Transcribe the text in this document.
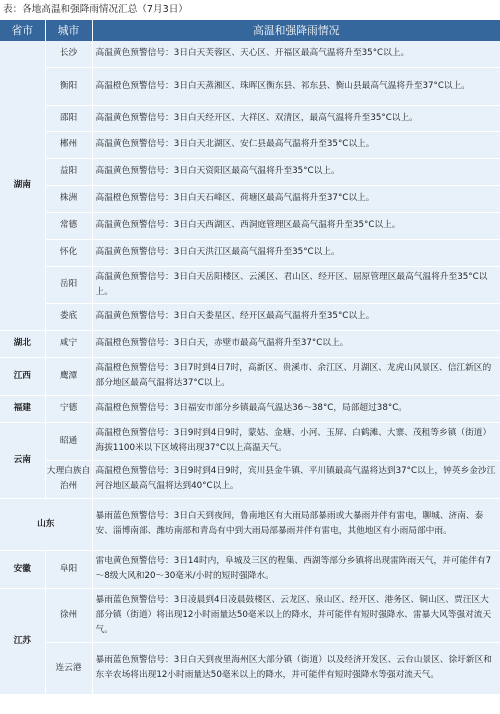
表：各地高温和强降雨情况汇总（7月3日）
省市	城市	高温和强降雨情况
湖南	长沙	高温黄色预警信号：3日白天芙蓉区、天心区、开福区最高气温将升至35°C以上。
	衡阳	高温橙色预警信号：3日白天蒸湘区、珠晖区衡东县、祁东县、衡山县最高气温将升至37°C以上。
	邵阳	高温黄色预警信号：3日白天经开区、大祥区、双清区，最高气温将升至35°C以上。
	郴州	高温黄色预警信号：3日白天北湖区、安仁县最高气温将升至35°C以上。
	益阳	高温黄色预警信号：3日白天资阳区最高气温将升至35°C以上。
	株洲	高温橙色预警信号：3日白天石峰区、荷塘区最高气温将升至37°C以上。
	常德	高温黄色预警信号：3日白天西湖区、西洞庭管理区最高气温将升至35°C以上。
	怀化	高温黄色预警信号：3日白天洪江区最高气温将升至35°C以上。
	岳阳	高温黄色预警信号：3日白天岳阳楼区、云溪区、君山区、经开区、屈原管理区最高气温将升至35°C以上。
	娄底	高温黄色预警信号：3日白天娄星区、经开区最高气温将升至35°C以上。
湖北	咸宁	高温橙色预警信号：3日白天，赤壁市最高气温将升至37°C以上。
江西	鹰潭	高温橙色预警信号：3日7时到4日7时，高新区、贵溪市、余江区、月湖区、龙虎山风景区、信江新区的部分地区最高气温将达37°C以上。
福建	宁德	高温橙色预警信号：3日福安市部分乡镇最高气温达36～38°C，局部超过38°C。
云南	昭通	高温橙色预警信号：3日9时到4日9时，蒙姑、金塘、小河、玉屏、白鹤滩、大寨、茂租等乡镇（街道）海拔1100米以下区域将出现37°C以上高温天气。
	大理白族自治州	高温橙色预警信号：3日9时到4日9时，宾川县金牛镇、平川镇最高气温将达到37°C以上，钟英乡金沙江河谷地区最高气温将达到40°C以上。
山东		暴雨蓝色预警信号：3日白天到夜间，鲁南地区有大雨局部暴雨或大暴雨并伴有雷电，聊城、济南、泰安、淄博南部、潍坊南部和青岛有中到大雨局部暴雨并伴有雷电，其他地区有小雨局部中雨。
安徽	阜阳	雷电黄色预警信号：3日14时内，阜城及三区的程集、西湖等部分乡镇将出现雷阵雨天气，并可能伴有7～8级大风和20～30毫米/小时的短时强降水。
江苏	徐州	暴雨蓝色预警信号：3日凌晨到4日凌晨鼓楼区、云龙区、泉山区、经开区、港务区、铜山区、贾汪区大部分镇（街道）将出现12小时雨量达50毫米以上的降水，并可能伴有短时强降水、雷暴大风等强对流天气。
	连云港	暴雨蓝色预警信号：3日白天到夜里海州区大部分镇（街道）以及经济开发区、云台山景区、徐圩新区和东辛农场将出现12小时雨量达50毫米以上的降水，并可能伴有短时强降水等强对流天气。
